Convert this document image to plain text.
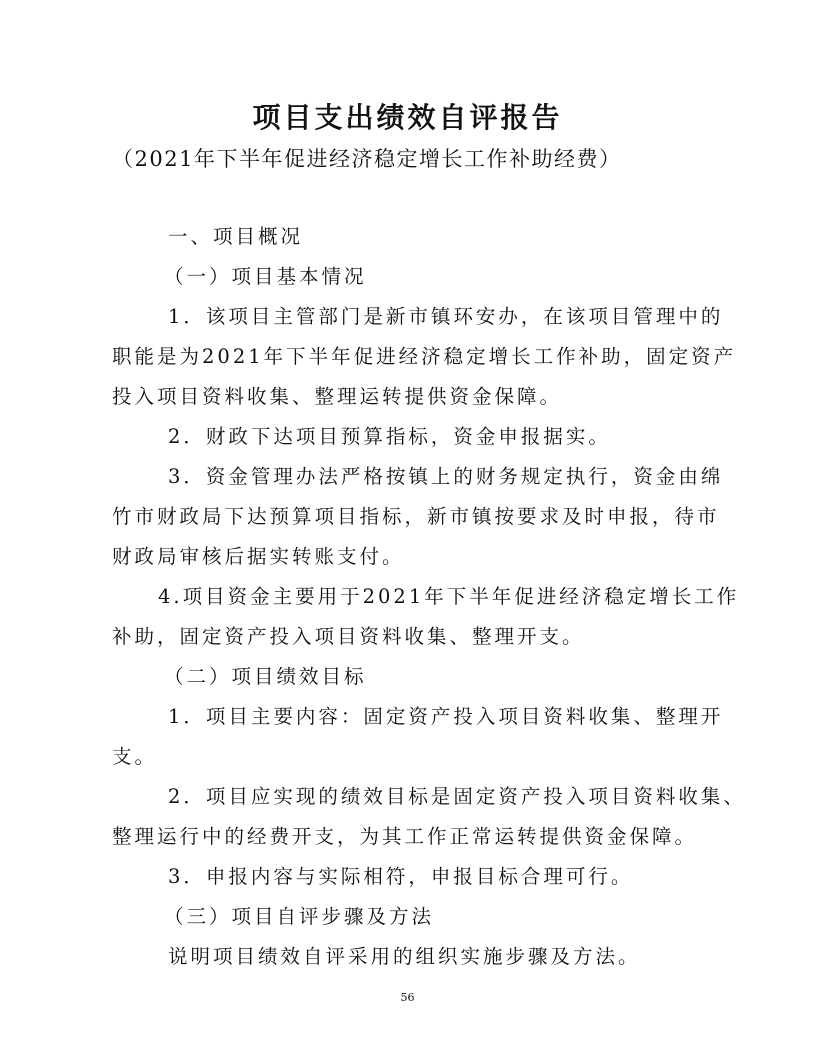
项目支出绩效自评报告
（2021年下半年促进经济稳定增长工作补助经费）
一、项目概况
（一）项目基本情况
1．该项目主管部门是新市镇环安办，在该项目管理中的
职能是为2021年下半年促进经济稳定增长工作补助，固定资产
投入项目资料收集、整理运转提供资金保障。
2．财政下达项目预算指标，资金申报据实。
3．资金管理办法严格按镇上的财务规定执行，资金由绵
竹市财政局下达预算项目指标，新市镇按要求及时申报，待市
财政局审核后据实转账支付。
4.项目资金主要用于2021年下半年促进经济稳定增长工作
补助，固定资产投入项目资料收集、整理开支。
（二）项目绩效目标
1．项目主要内容：固定资产投入项目资料收集、整理开
支。
2．项目应实现的绩效目标是固定资产投入项目资料收集、
整理运行中的经费开支，为其工作正常运转提供资金保障。
3．申报内容与实际相符，申报目标合理可行。
（三）项目自评步骤及方法
说明项目绩效自评采用的组织实施步骤及方法。
56
